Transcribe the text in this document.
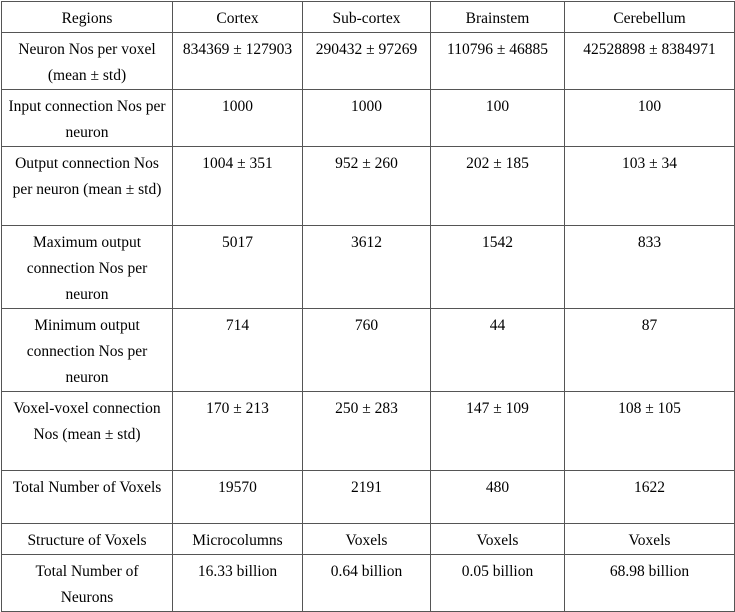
Regions	Cortex	Sub-cortex	Brainstem	Cerebellum
Neuron Nos per voxel (mean ± std)	834369 ± 127903	290432 ± 97269	110796 ± 46885	42528898 ± 8384971
Input connection Nos per neuron	1000	1000	100	100
Output connection Nos per neuron (mean ± std)	1004 ± 351	952 ± 260	202 ± 185	103 ± 34
Maximum output connection Nos per neuron	5017	3612	1542	833
Minimum output connection Nos per neuron	714	760	44	87
Voxel-voxel connection Nos (mean ± std)	170 ± 213	250 ± 283	147 ± 109	108 ± 105
Total Number of Voxels	19570	2191	480	1622
Structure of Voxels	Microcolumns	Voxels	Voxels	Voxels
Total Number of Neurons	16.33 billion	0.64 billion	0.05 billion	68.98 billion
